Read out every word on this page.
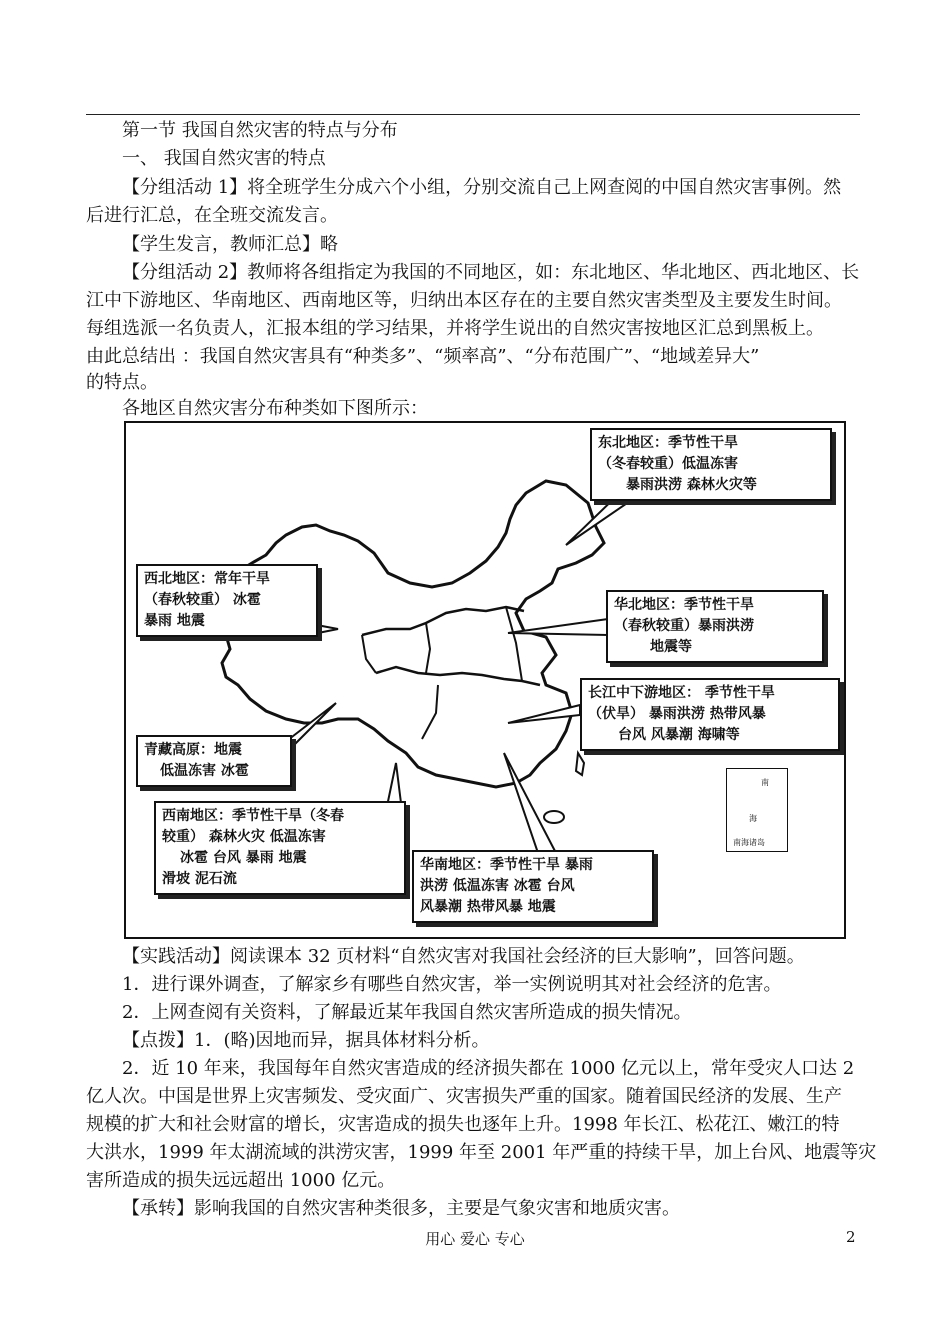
第一节 我国自然灾害的特点与分布
一、 我国自然灾害的特点
【分组活动 1】将全班学生分成六个小组，分别交流自己上网查阅的中国自然灾害事例。然
后进行汇总，在全班交流发言。
【学生发言，教师汇总】略
【分组活动 2】教师将各组指定为我国的不同地区，如：东北地区、华北地区、西北地区、长
江中下游地区、华南地区、西南地区等，归纳出本区存在的主要自然灾害类型及主要发生时间。
每组选派一名负责人，汇报本组的学习结果，并将学生说出的自然灾害按地区汇总到黑板上。
由此总结出 ：我国自然灾害具有“种类多”、“频率高”、“分布范围广”、“地域差异大”
的特点。
各地区自然灾害分布种类如下图所示：
东北地区：季节性干旱
（冬春较重）低温冻害
暴雨洪涝 森林火灾等
西北地区：常年干旱
（春秋较重） 冰雹
暴雨 地震
华北地区：季节性干旱
（春秋较重）暴雨洪涝
地震等
长江中下游地区： 季节性干旱
（伏旱） 暴雨洪涝 热带风暴
台风 风暴潮 海啸等
青藏高原：地震
低温冻害 冰雹
西南地区：季节性干旱（冬春
较重） 森林火灾 低温冻害
冰雹 台风 暴雨 地震
滑坡 泥石流
华南地区：季节性干旱 暴雨
洪涝 低温冻害 冰雹 台风
风暴潮 热带风暴 地震
南
海
南海诸岛
【实践活动】阅读课本 32 页材料“自然灾害对我国社会经济的巨大影响”，回答问题。
1．进行课外调查，了解家乡有哪些自然灾害，举一实例说明其对社会经济的危害。
2．上网查阅有关资料，了解最近某年我国自然灾害所造成的损失情况。
【点拨】1．(略)因地而异，据具体材料分析。
2．近 10 年来，我国每年自然灾害造成的经济损失都在 1000 亿元以上，常年受灾人口达 2
亿人次。中国是世界上灾害频发、受灾面广、灾害损失严重的国家。随着国民经济的发展、生产
规模的扩大和社会财富的增长，灾害造成的损失也逐年上升。1998 年长江、松花江、嫩江的特
大洪水，1999 年太湖流域的洪涝灾害，1999 年至 2001 年严重的持续干旱，加上台风、地震等灾
害所造成的损失远远超出 1000 亿元。
【承转】影响我国的自然灾害种类很多，主要是气象灾害和地质灾害。
用心 爱心 专心	2
